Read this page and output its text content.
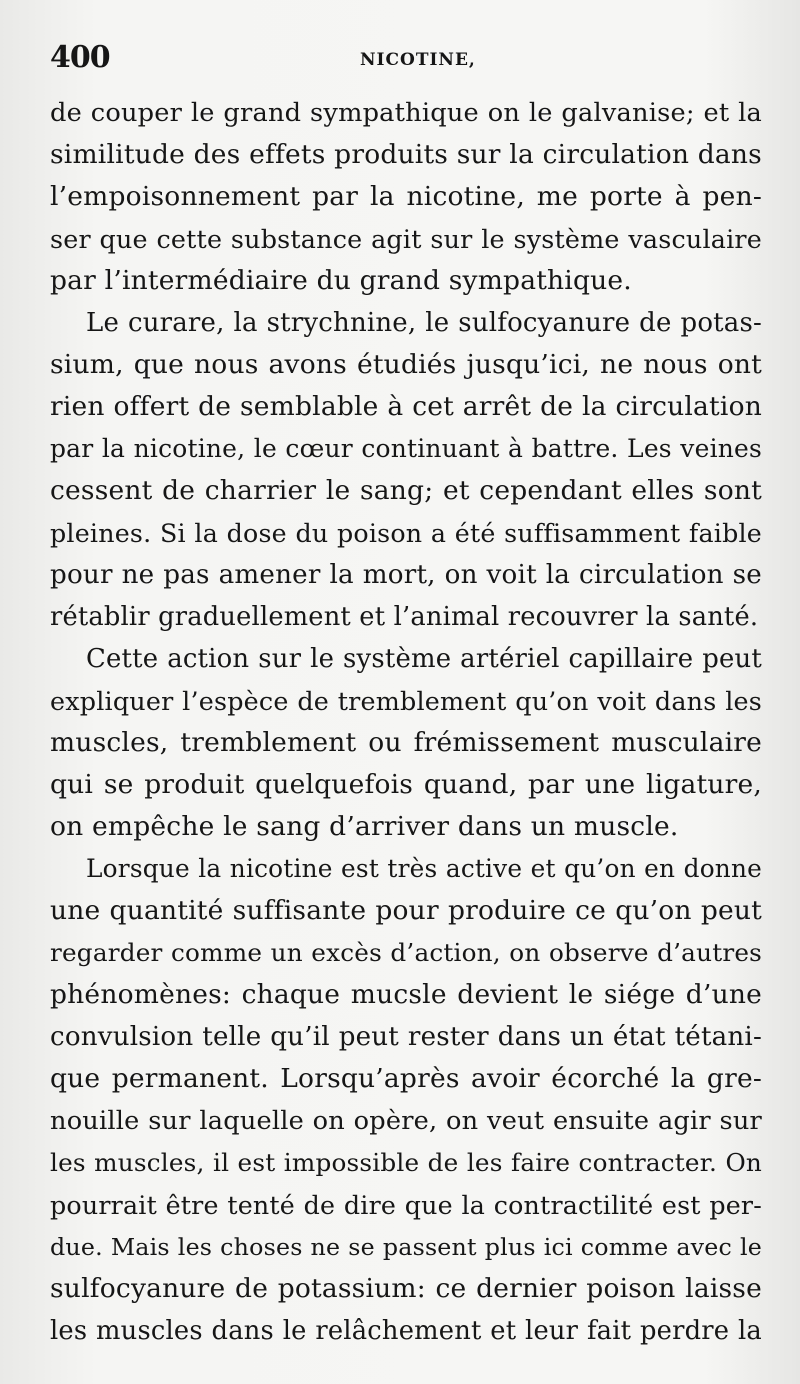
400	NICOTINE,
de couper le grand sympathique on le galvanise; et la
similitude des effets produits sur la circulation dans
l’empoisonnement par la nicotine, me porte à pen-
ser que cette substance agit sur le système vasculaire
par l’intermédiaire du grand sympathique.
Le curare, la strychnine, le sulfocyanure de potas-
sium, que nous avons étudiés jusqu’ici, ne nous ont
rien offert de semblable à cet arrêt de la circulation
par la nicotine, le cœur continuant à battre. Les veines
cessent de charrier le sang; et cependant elles sont
pleines. Si la dose du poison a été suffisamment faible
pour ne pas amener la mort, on voit la circulation se
rétablir graduellement et l’animal recouvrer la santé.
Cette action sur le système artériel capillaire peut
expliquer l’espèce de tremblement qu’on voit dans les
muscles, tremblement ou frémissement musculaire
qui se produit quelquefois quand, par une ligature,
on empêche le sang d’arriver dans un muscle.
Lorsque la nicotine est très active et qu’on en donne
une quantité suffisante pour produire ce qu’on peut
regarder comme un excès d’action, on observe d’autres
phénomènes: chaque mucsle devient le siége d’une
convulsion telle qu’il peut rester dans un état tétani-
que permanent. Lorsqu’après avoir écorché la gre-
nouille sur laquelle on opère, on veut ensuite agir sur
les muscles, il est impossible de les faire contracter. On
pourrait être tenté de dire que la contractilité est per-
due. Mais les choses ne se passent plus ici comme avec le
sulfocyanure de potassium: ce dernier poison laisse
les muscles dans le relâchement et leur fait perdre la
